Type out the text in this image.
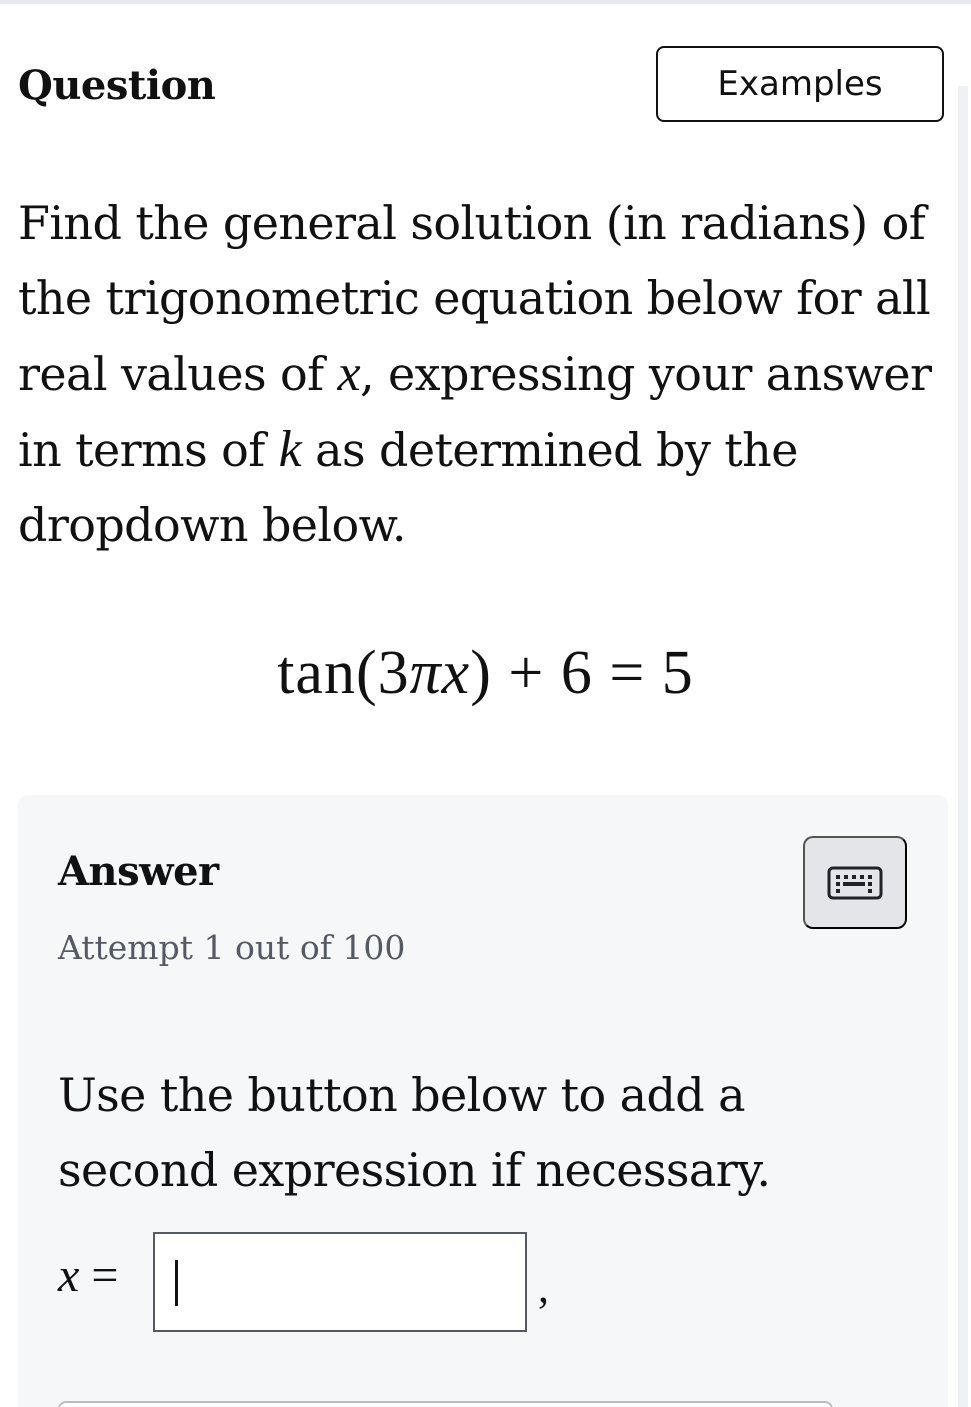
Question	Examples
Find the general solution (in radians) of the trigonometric equation below for all real values of x, expressing your answer in terms of k as determined by the dropdown below.
tan(3πx) + 6 = 5
Answer
Attempt 1 out of 100
Use the button below to add a second expression if necessary.
x =	,
